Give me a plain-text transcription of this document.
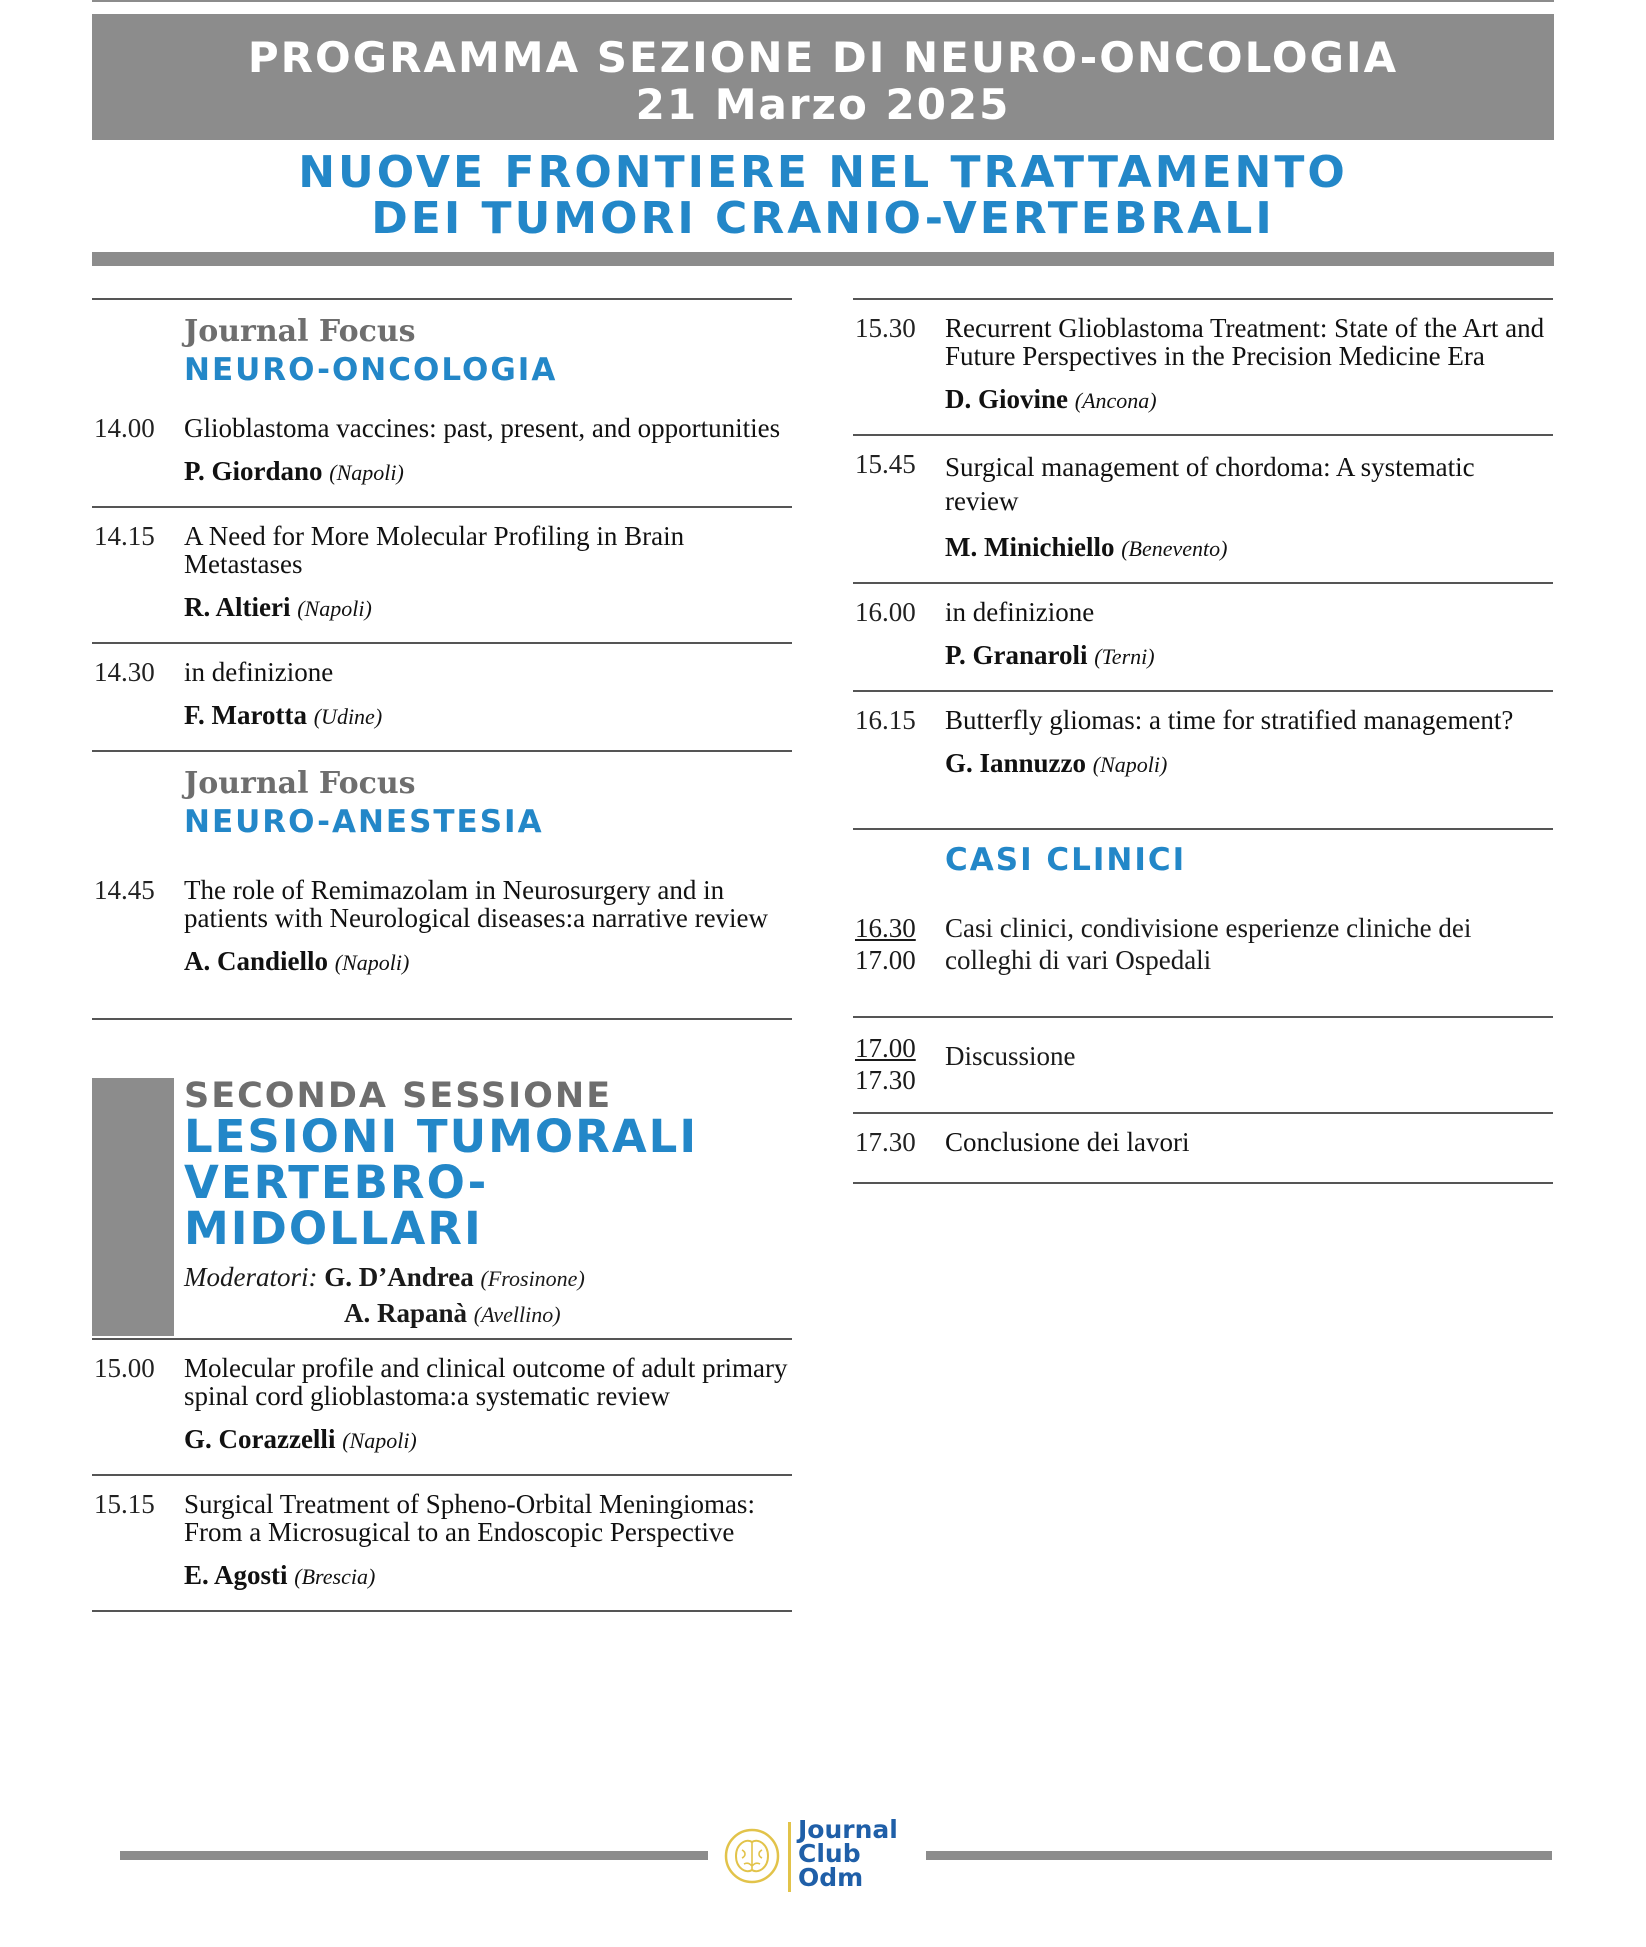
PROGRAMMA SEZIONE DI NEURO-ONCOLOGIA
21 Marzo 2025
NUOVE FRONTIERE NEL TRATTAMENTO
DEI TUMORI CRANIO-VERTEBRALI
Journal Focus
NEURO-ONCOLOGIA
14.00 Glioblastoma vaccines: past, present, and opportunities
P. Giordano (Napoli)
14.15 A Need for More Molecular Profiling in Brain Metastases
R. Altieri (Napoli)
14.30 in definizione
F. Marotta (Udine)
Journal Focus
NEURO-ANESTESIA
14.45 The role of Remimazolam in Neurosurgery and in patients with Neurological diseases:a narrative review
A. Candiello (Napoli)
SECONDA SESSIONE
LESIONI TUMORALI
VERTEBRO-
MIDOLLARI
Moderatori: G. D’Andrea (Frosinone)
A. Rapanà (Avellino)
15.00 Molecular profile and clinical outcome of adult primary spinal cord glioblastoma:a systematic review
G. Corazzelli (Napoli)
15.15 Surgical Treatment of Spheno-Orbital Meningiomas: From a Microsugical to an Endoscopic Perspective
E. Agosti (Brescia)
15.30 Recurrent Glioblastoma Treatment: State of the Art and Future Perspectives in the Precision Medicine Era
D. Giovine (Ancona)
15.45 Surgical management of chordoma: A systematic review
M. Minichiello (Benevento)
16.00 in definizione
P. Granaroli (Terni)
16.15 Butterfly gliomas: a time for stratified management?
G. Iannuzzo (Napoli)
CASI CLINICI
16.30
17.00
Casi clinici, condivisione esperienze cliniche dei colleghi di vari Ospedali
17.00
17.30
Discussione
17.30 Conclusione dei lavori
Journal
Club
Odm
